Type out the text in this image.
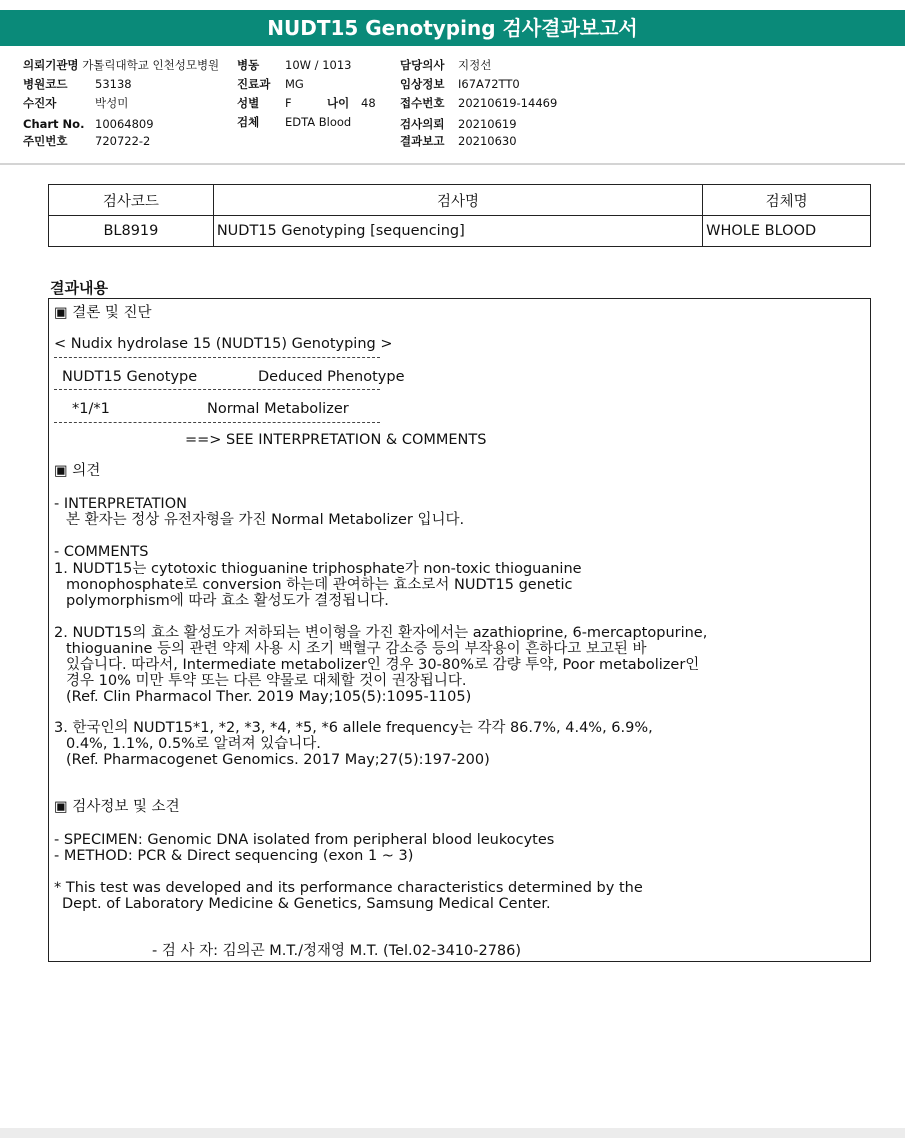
NUDT15 Genotyping 검사결과보고서
의뢰기관명 가톨릭대학교 인천성모병원
병원코드 53138
수진자	박성미
Chart No. 10064809
주민번호 720722-2
병동 10W / 1013
진료과 MG
성별 F	나이 48
검체 EDTA Blood
담당의사 지정선
임상정보 I67A72TT0
접수번호 20210619-14469
검사의뢰 20210619
결과보고 20210630
검사코드	검사명	검체명
BL8919	NUDT15 Genotyping [sequencing]	WHOLE BLOOD
결과내용
▣ 결론 및 진단
< Nudix hydrolase 15 (NUDT15) Genotyping >
NUDT15 Genotype	Deduced Phenotype
*1/*1	Normal Metabolizer
==> SEE INTERPRETATION & COMMENTS
▣ 의견
- INTERPRETATION
본 환자는 정상 유전자형을 가진 Normal Metabolizer 입니다.
- COMMENTS
1. NUDT15는 cytotoxic thioguanine triphosphate가 non-toxic thioguanine
monophosphate로 conversion 하는데 관여하는 효소로서 NUDT15 genetic
polymorphism에 따라 효소 활성도가 결정됩니다.
2. NUDT15의 효소 활성도가 저하되는 변이형을 가진 환자에서는 azathioprine, 6-mercaptopurine,
thioguanine 등의 관련 약제 사용 시 조기 백혈구 감소증 등의 부작용이 흔하다고 보고된 바
있습니다. 따라서, Intermediate metabolizer인 경우 30-80%로 감량 투약, Poor metabolizer인
경우 10% 미만 투약 또는 다른 약물로 대체할 것이 권장됩니다.
(Ref. Clin Pharmacol Ther. 2019 May;105(5):1095-1105)
3. 한국인의 NUDT15*1, *2, *3, *4, *5, *6 allele frequency는 각각 86.7%, 4.4%, 6.9%,
0.4%, 1.1%, 0.5%로 알려져 있습니다.
(Ref. Pharmacogenet Genomics. 2017 May;27(5):197-200)
▣ 검사정보 및 소견
- SPECIMEN: Genomic DNA isolated from peripheral blood leukocytes
- METHOD: PCR & Direct sequencing (exon 1 ~ 3)
* This test was developed and its performance characteristics determined by the
Dept. of Laboratory Medicine & Genetics, Samsung Medical Center.
- 검 사 자: 김의곤 M.T./정재영 M.T. (Tel.02-3410-2786)
